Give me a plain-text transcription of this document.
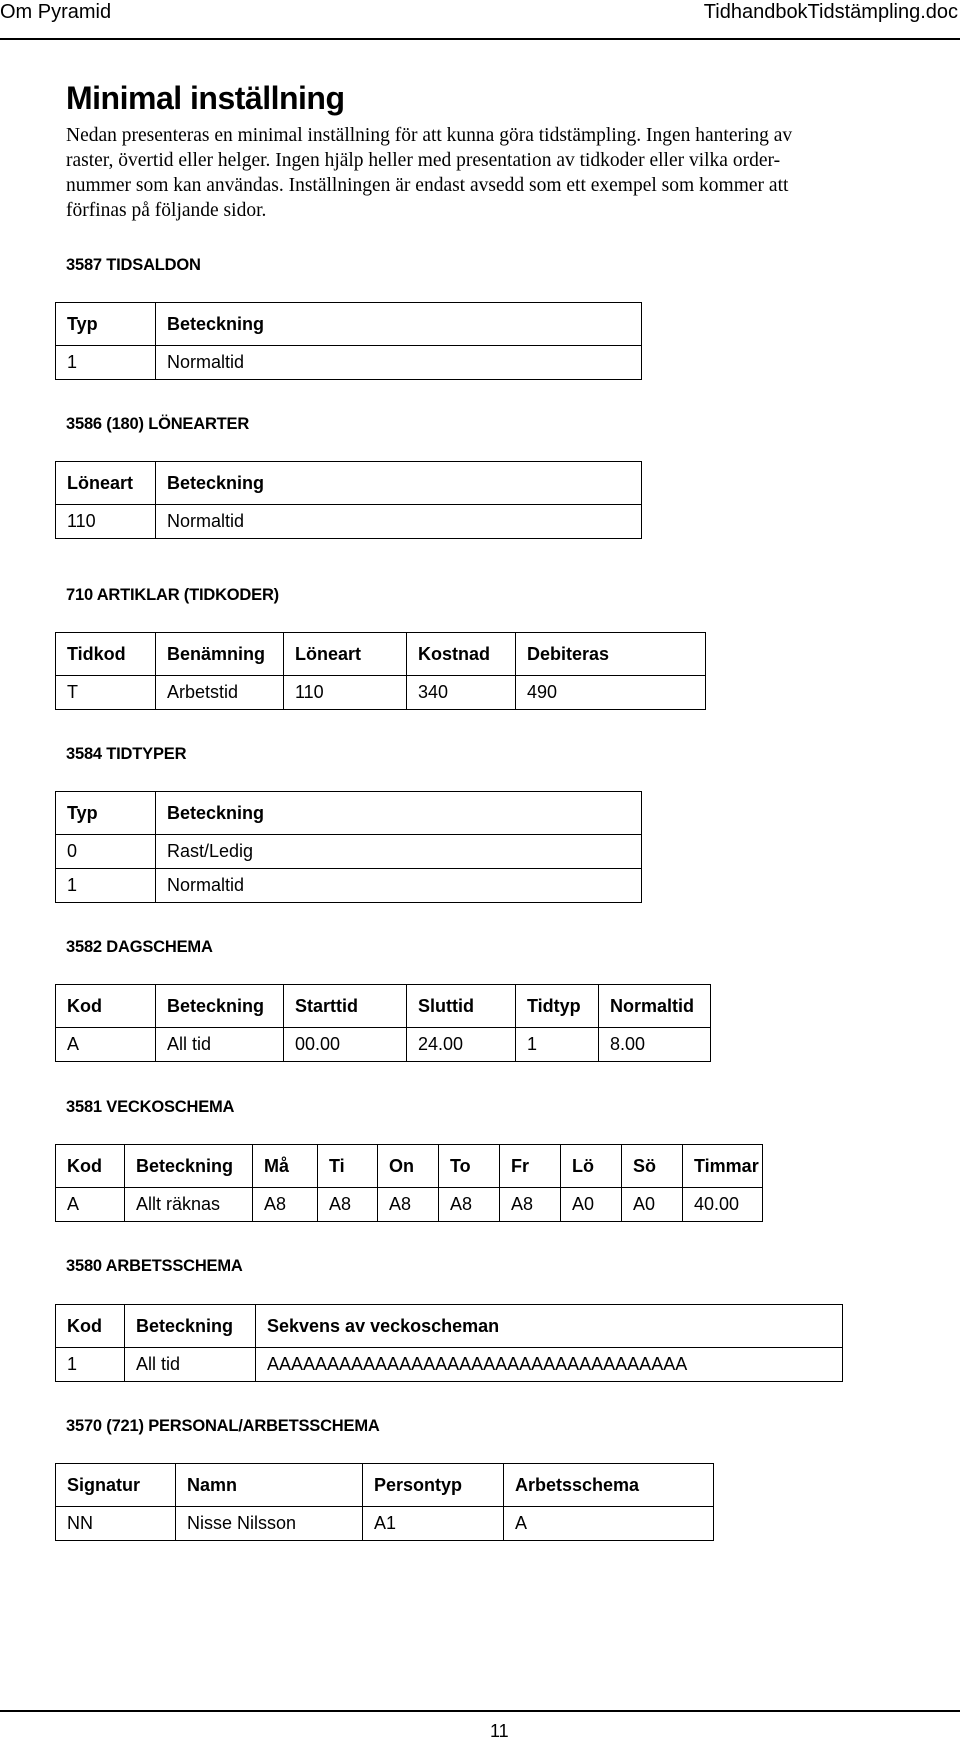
Om Pyramid	TidhandbokTidstämpling.doc
Minimal inställning

Nedan presenteras en minimal inställning för att kunna göra tidstämpling. Ingen hantering av
raster, övertid eller helger. Ingen hjälp heller med presentation av tidkoder eller vilka order-
nummer som kan användas. Inställningen är endast avsedd som ett exempel som kommer att
förfinas på följande sidor.

3587 TIDSALDON
Typ	Beteckning
1	Normaltid
3586 (180) LÖNEARTER
Löneart	Beteckning
110	Normaltid
710 ARTIKLAR (TIDKODER)
Tidkod	Benämning	Löneart	Kostnad	Debiteras
T	Arbetstid	110	340	490
3584 TIDTYPER
Typ	Beteckning
0	Rast/Ledig
1	Normaltid
3582 DAGSCHEMA
Kod	Beteckning	Starttid	Sluttid	Tidtyp	Normaltid
A	All tid	00.00	24.00	1	8.00
3581 VECKOSCHEMA
Kod	Beteckning	Må	Ti	On	To	Fr	Lö	Sö	Timmar
A	Allt räknas	A8	A8	A8	A8	A8	A0	A0	40.00
3580 ARBETSSCHEMA
Kod	Beteckning	Sekvens av veckoscheman
1	All tid	AAAAAAAAAAAAAAAAAAAAAAAAAAAAAAAAAAA
3570 (721) PERSONAL/ARBETSSCHEMA
Signatur	Namn	Persontyp	Arbetsschema
NN	Nisse Nilsson	A1	A
11
